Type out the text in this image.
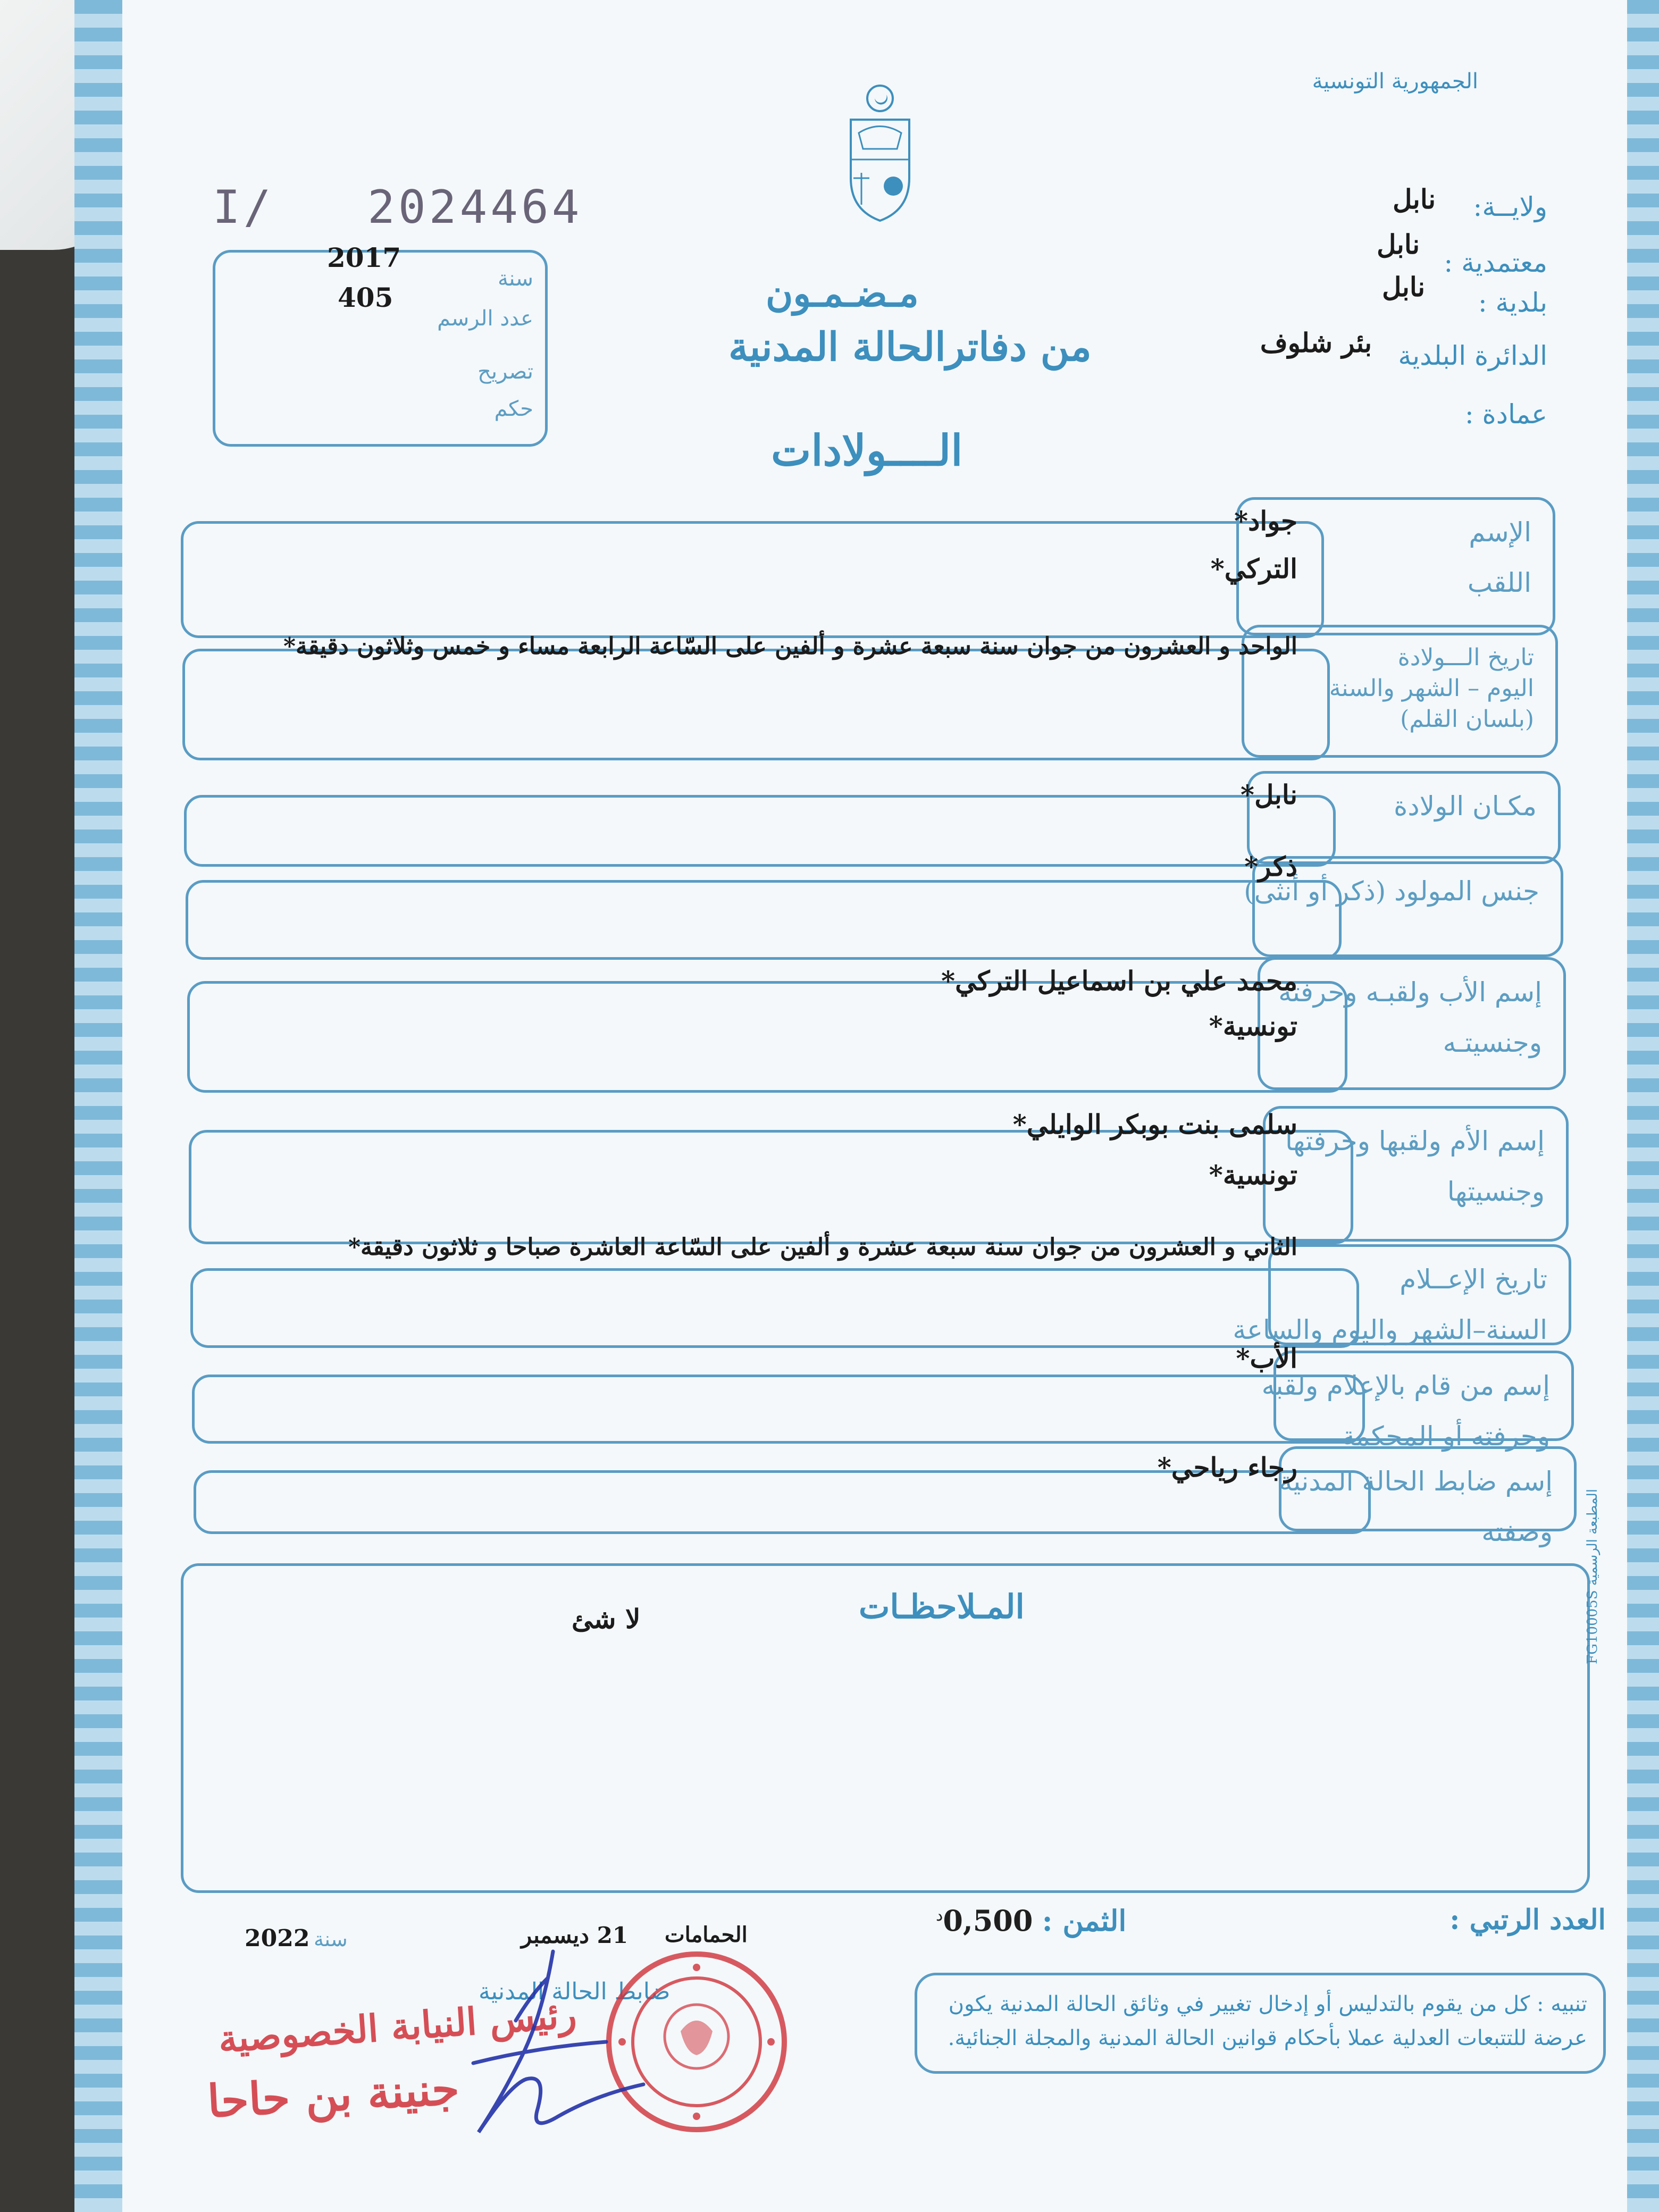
الجمهورية التونسية
ولايــة:
نابل
معتمدية :
نابل
بلدية :
نابل
الدائرة البلدية
بئر شلوف
عمادة :
I/ 2024464
2017
سنة
405
عدد الرسم
تصريح
حكم
مـضـمـون
من دفاترالحالة المدنية
الــــولادات
الإسم
اللقب
جواد*
التركي*
تاريخ الـــولادة
اليوم – الشهر والسنة
(بلسان القلم)
الواحد و العشرون من جوان سنة سبعة عشرة و ألفين على السّاعة الرابعة مساء و خمس وثلاثون دقيقة*
مكـان الولادة
نابل*
جنس المولود (ذكر أو أنثى)
ذكر*
إسم الأب ولقبـه وحرفته
وجنسيتـه
محمد علي بن اسماعيل التركي*
تونسية*
إسم الأم ولقبها وحرفتها
وجنسيتها
سلمى بنت بوبكر الوايلي*
تونسية*
تاريخ الإعــلام
السنة–الشهر واليوم والساعة
الثاني و العشرون من جوان سنة سبعة عشرة و ألفين على السّاعة العاشرة صباحا و ثلاثون دقيقة*
إسم من قام بالإعلام ولقبه
وحرفته أو المحكمة
الأب*
إسم ضابط الحالة المدنية
وصفته
رجاء رياحي*
المـلاحظـات
لا شئ	المطبعة الرسمية FG10005S
العدد الرتبي :
الثمن : $0,500^د$
الحمامات
21 ديسمبر
سنة
2022
ضابط الحالة المدنية	تنبيه : كل من يقوم بالتدليس أو إدخال تغيير في وثائق الحالة المدنية يكون عرضة للتتبعات العدلية عملا بأحكام قوانين الحالة المدنية والمجلة الجنائية.
رئيس النيابة الخصوصية
جنينة بن حاحا
